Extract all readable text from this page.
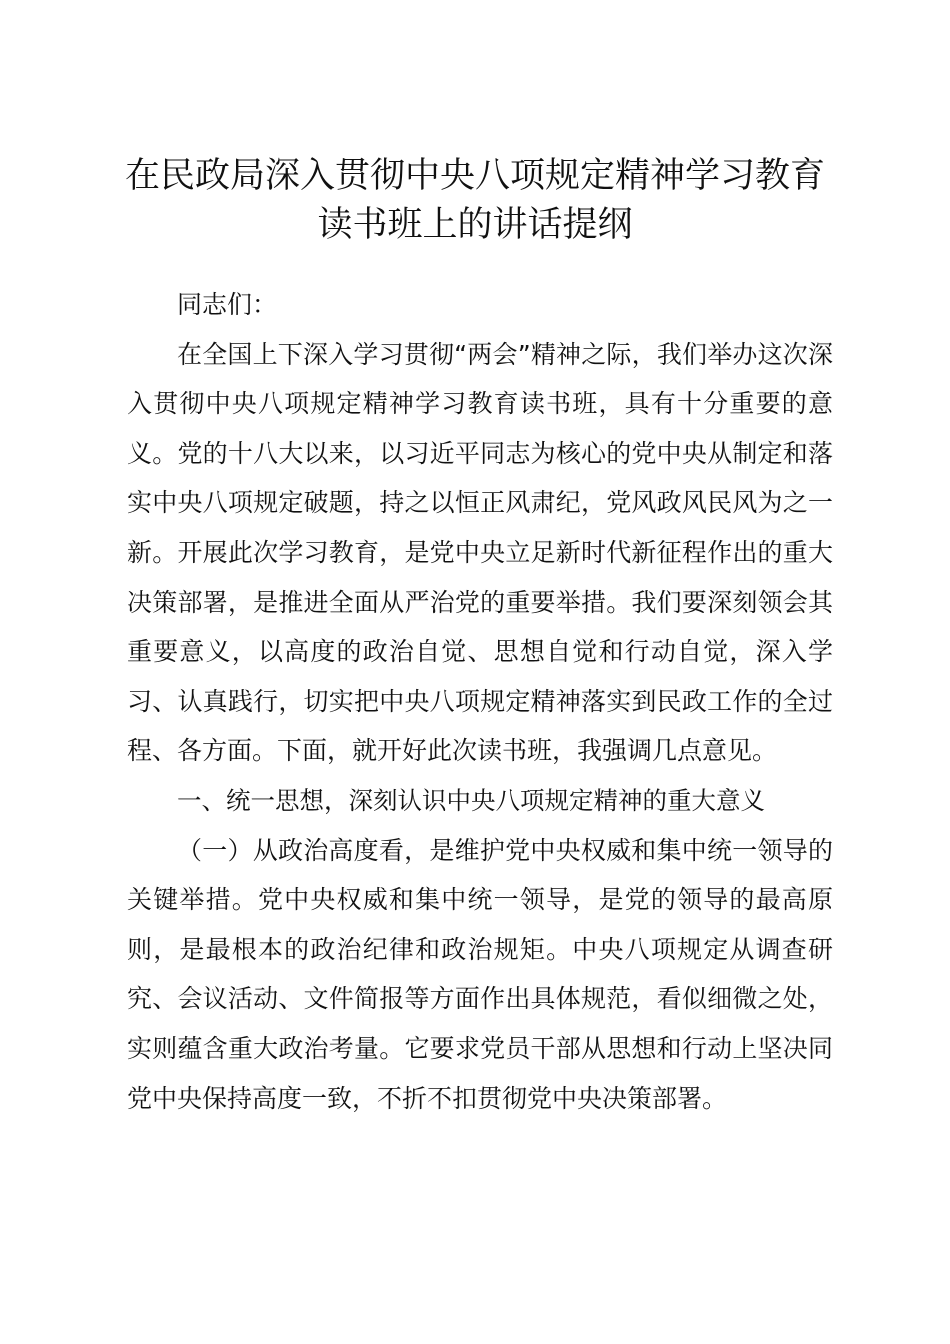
在民政局深入贯彻中央八项规定精神学习教育
读书班上的讲话提纲

同志们：

在全国上下深入学习贯彻“两会”精神之际，我们举办这次深入贯彻中央八项规定精神学习教育读书班，具有十分重要的意义。党的十八大以来，以习近平同志为核心的党中央从制定和落实中央八项规定破题，持之以恒正风肃纪，党风政风民风为之一新。开展此次学习教育，是党中央立足新时代新征程作出的重大决策部署，是推进全面从严治党的重要举措。我们要深刻领会其重要意义，以高度的政治自觉、思想自觉和行动自觉，深入学习、认真践行，切实把中央八项规定精神落实到民政工作的全过程、各方面。下面，就开好此次读书班，我强调几点意见。

一、统一思想，深刻认识中央八项规定精神的重大意义

（一）从政治高度看，是维护党中央权威和集中统一领导的关键举措。党中央权威和集中统一领导，是党的领导的最高原则，是最根本的政治纪律和政治规矩。中央八项规定从调查研究、会议活动、文件简报等方面作出具体规范，看似细微之处，实则蕴含重大政治考量。它要求党员干部从思想和行动上坚决同党中央保持高度一致，不折不扣贯彻党中央决策部署。
